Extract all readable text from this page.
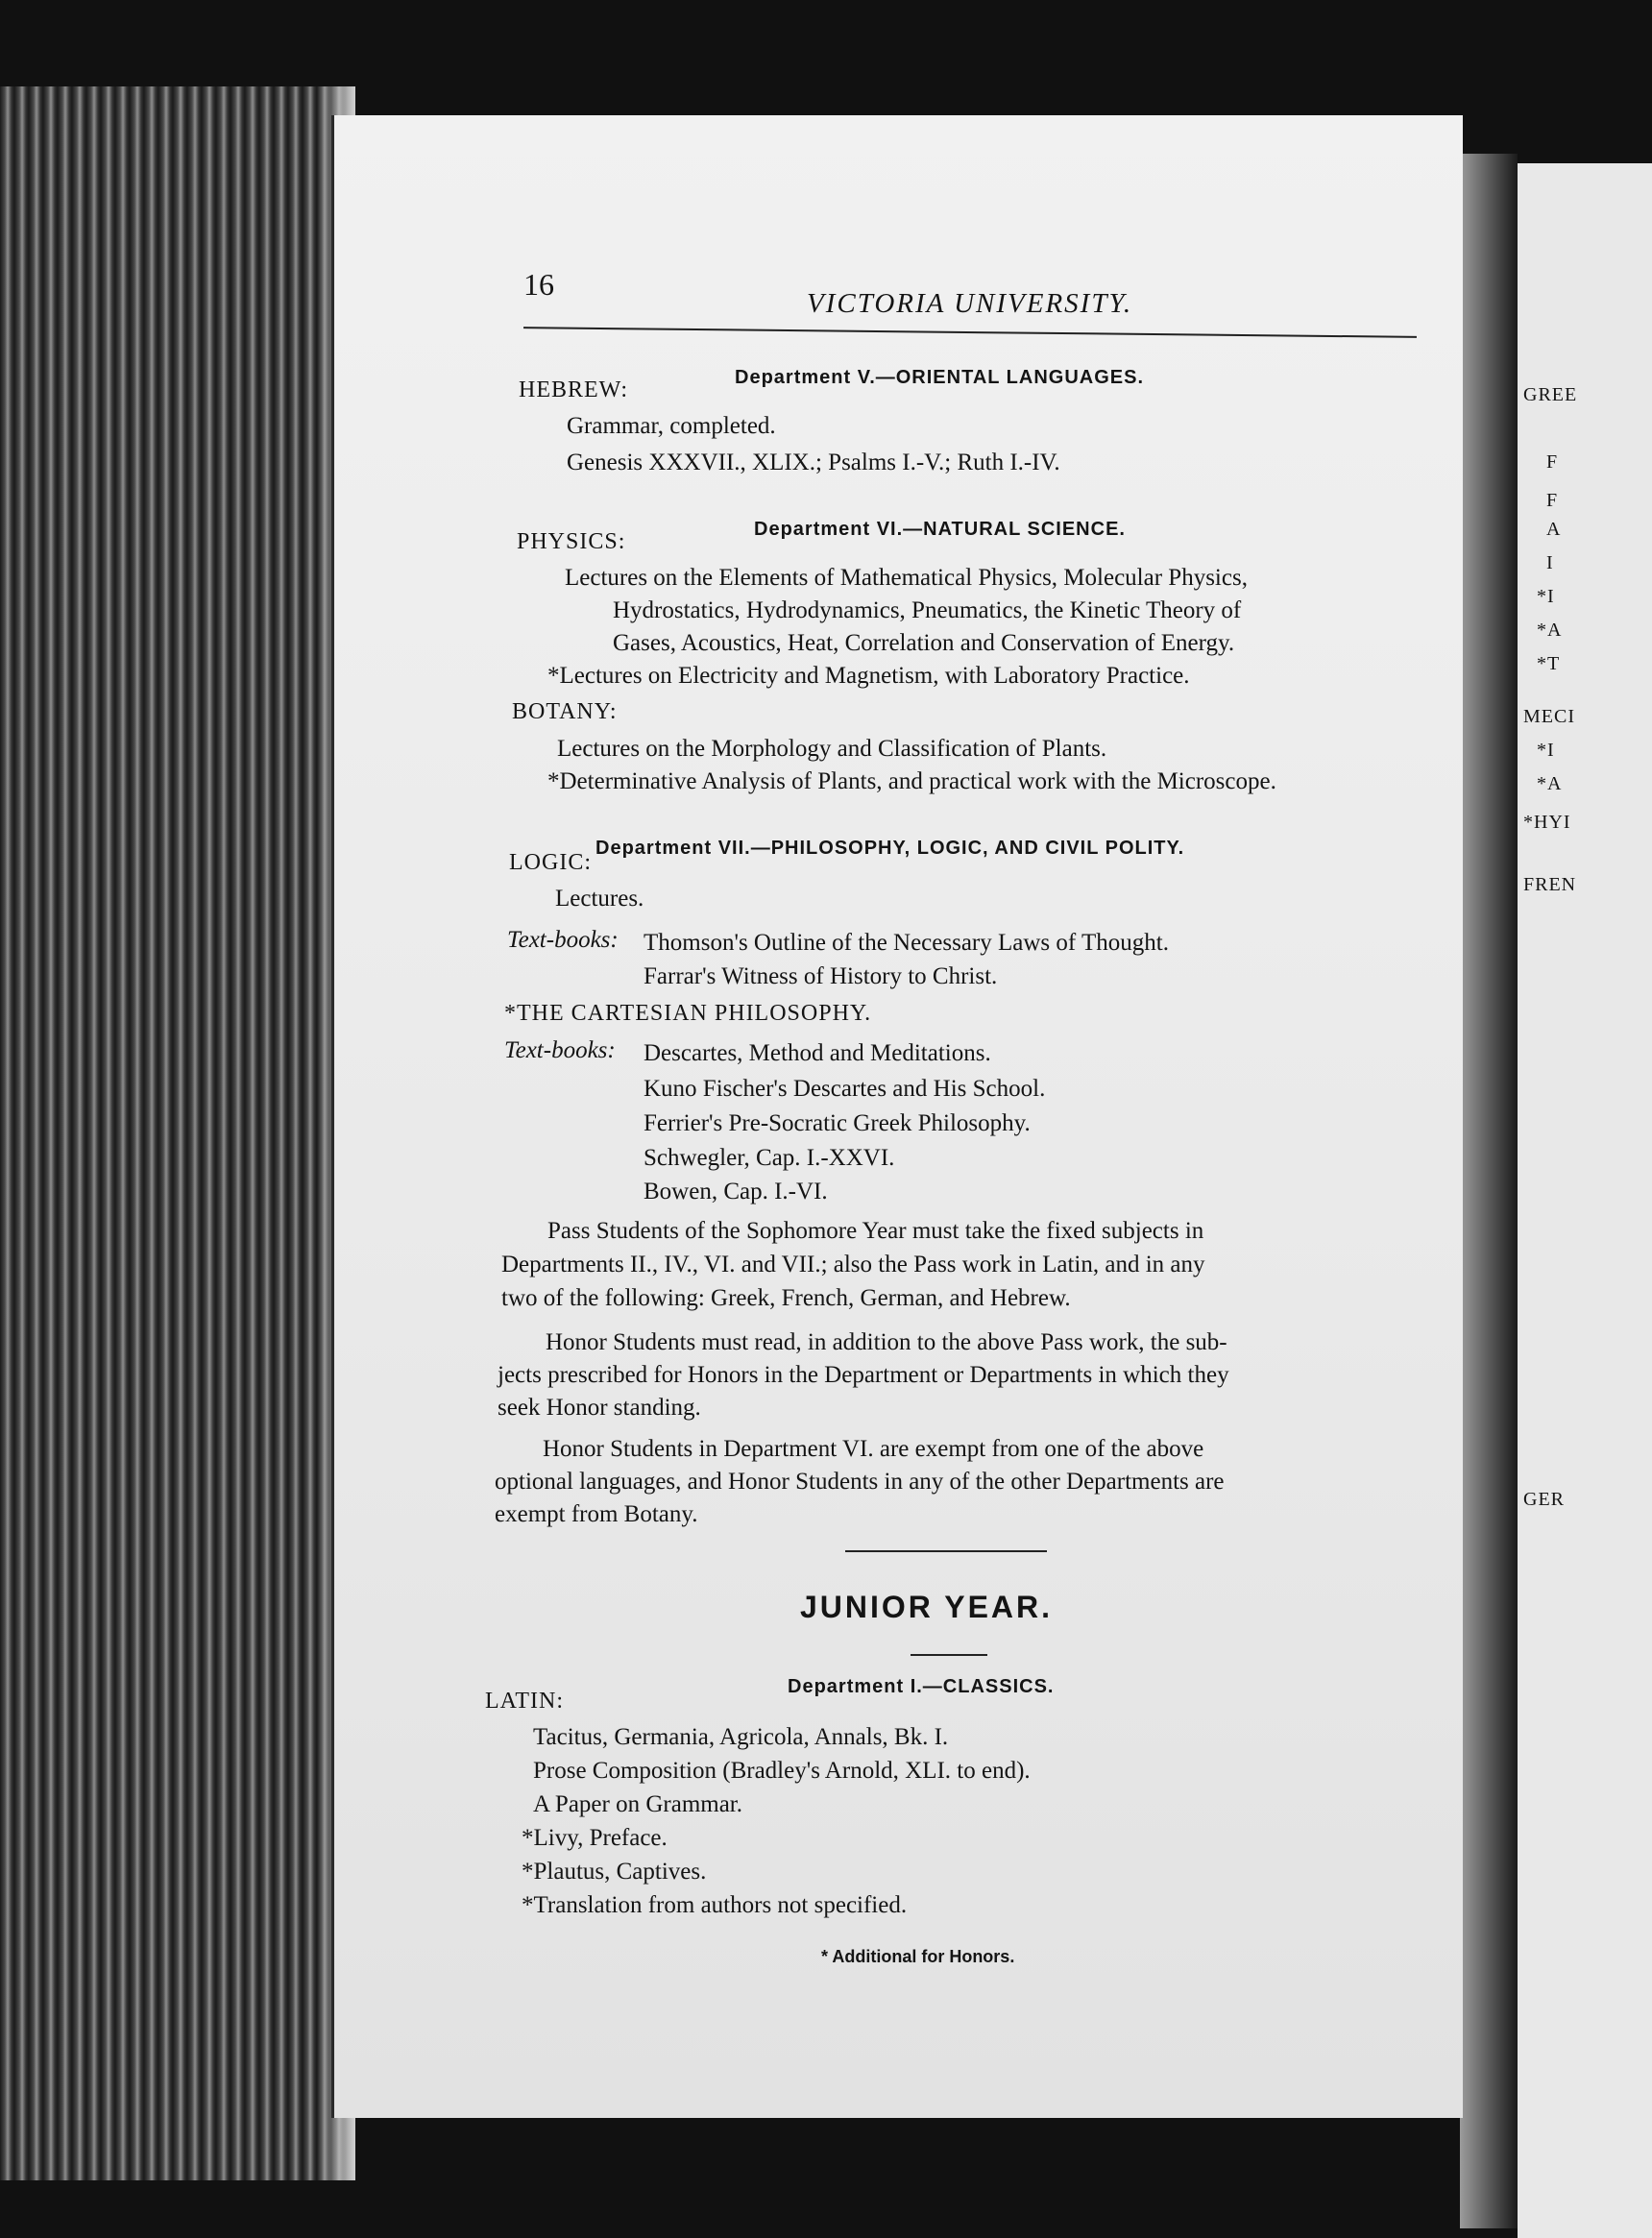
GREE
F
F
A
I
*I
*A
*T
MECI
*I
*A
*HYI
FREN
GER
16
VICTORIA UNIVERSITY.
Department V.—ORIENTAL LANGUAGES.
HEBREW:
Grammar, completed.
Genesis XXXVII., XLIX.; Psalms I.-V.; Ruth I.-IV.
Department VI.—NATURAL SCIENCE.
PHYSICS:
Lectures on the Elements of Mathematical Physics, Molecular Physics,
Hydrostatics, Hydrodynamics, Pneumatics, the Kinetic Theory of
Gases, Acoustics, Heat, Correlation and Conservation of Energy.
*Lectures on Electricity and Magnetism, with Laboratory Practice.
BOTANY:
Lectures on the Morphology and Classification of Plants.
*Determinative Analysis of Plants, and practical work with the Microscope.
Department VII.—PHILOSOPHY, LOGIC, AND CIVIL POLITY.
LOGIC:
Lectures.
Text-books: Thomson's Outline of the Necessary Laws of Thought.
Farrar's Witness of History to Christ.
*THE CARTESIAN PHILOSOPHY.
Text-books: Descartes, Method and Meditations.
Kuno Fischer's Descartes and His School.
Ferrier's Pre-Socratic Greek Philosophy.
Schwegler, Cap. I.-XXVI.
Bowen, Cap. I.-VI.
Pass Students of the Sophomore Year must take the fixed subjects in
Departments II., IV., VI. and VII.; also the Pass work in Latin, and in any
two of the following: Greek, French, German, and Hebrew.
Honor Students must read, in addition to the above Pass work, the sub-
jects prescribed for Honors in the Department or Departments in which they
seek Honor standing.
Honor Students in Department VI. are exempt from one of the above
optional languages, and Honor Students in any of the other Departments are
exempt from Botany.
JUNIOR YEAR.
Department I.—CLASSICS.
LATIN:
Tacitus, Germania, Agricola, Annals, Bk. I.
Prose Composition (Bradley's Arnold, XLI. to end).
A Paper on Grammar.
*Livy, Preface.
*Plautus, Captives.
*Translation from authors not specified.
* Additional for Honors.
